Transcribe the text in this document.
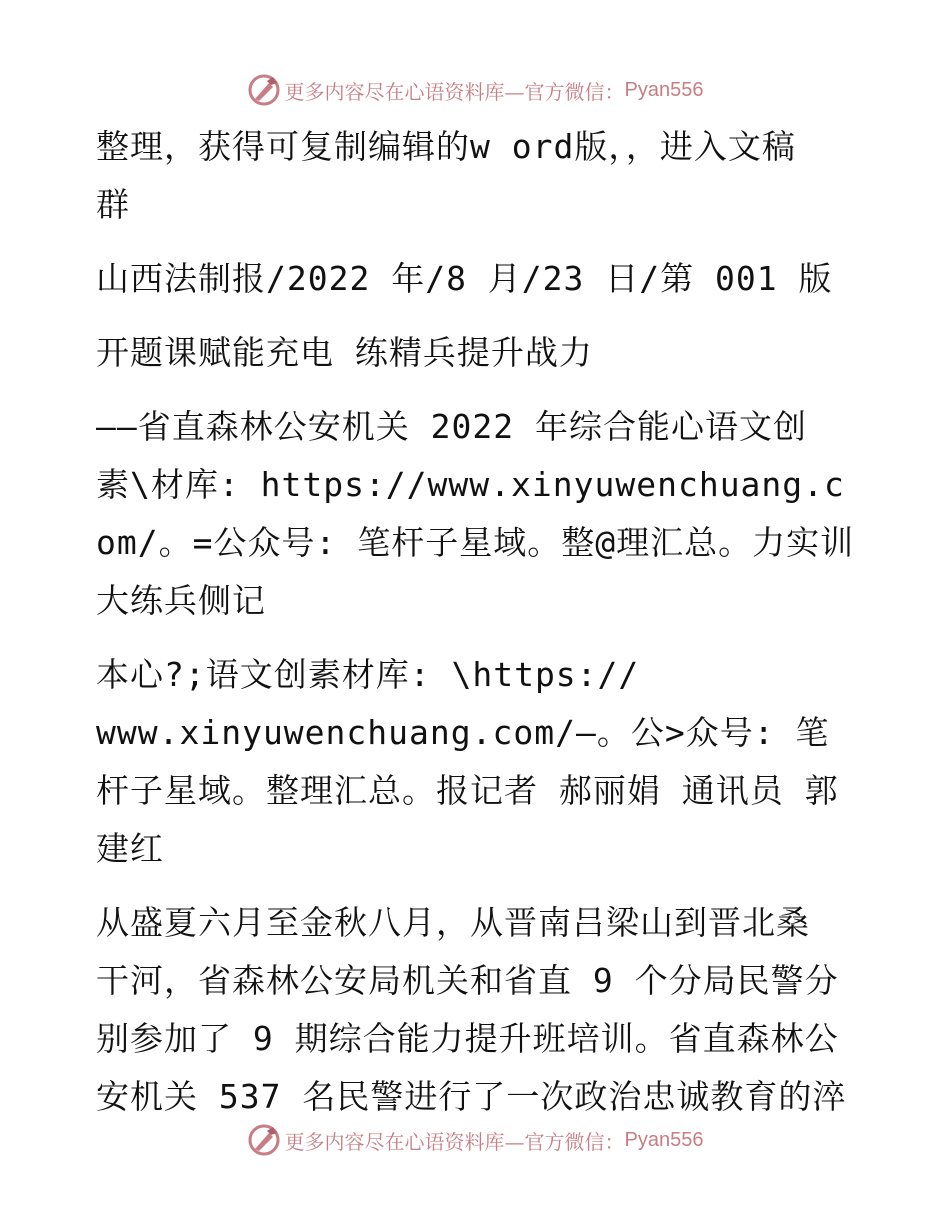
更多内容尽在心语资料库—官方微信： Pyan556

整理，获得可复制编辑的w ord版，，进入文稿
群

山西法制报/2022 年/8 月/23 日/第 001 版

开题课赋能充电 练精兵提升战力

——省直森林公安机关 2022 年综合能心语文创
素\材库: https://www.xinyuwenchuang.com/。=公众号: 笔杆子星域。整@理汇总。力实训大练兵侧记

本心?;语文创素材库: \https://
www.xinyuwenchuang.com/—。公>众号: 笔杆子星域。整理汇总。报记者 郝丽娟 通讯员 郭建红

从盛夏六月至金秋八月，从晋南吕梁山到晋北桑
干河，省森林公安局机关和省直 9 个分局民警分别参加了 9 期综合能力提升班培训。省直森林公安机关 537 名民警进行了一次政治忠诚教育的淬

更多内容尽在心语资料库—官方微信： Pyan556
